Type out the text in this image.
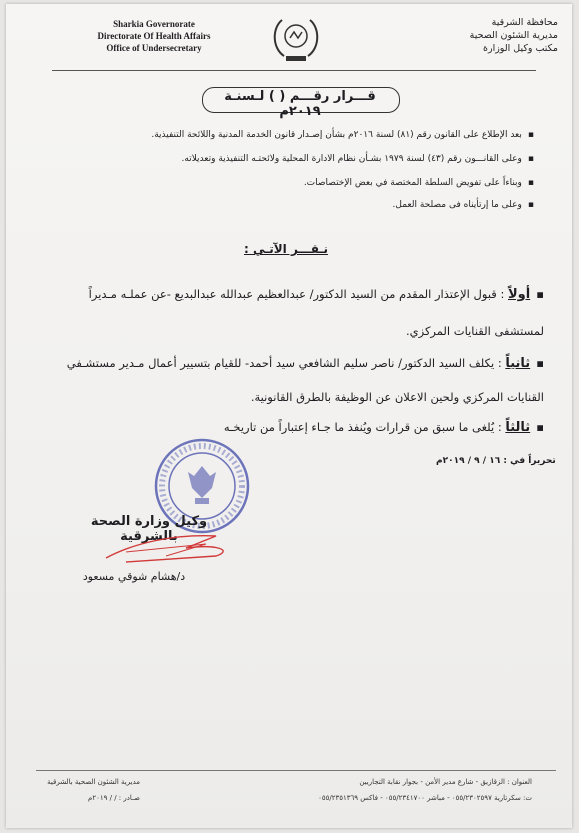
Sharkia Governorate
Directorate Of Health Affairs
Office of Undersecretary
محافظة الشرقية
مديرية الشئون الصحية
مكتب وكيل الوزارة
قـــرار رقـــم ( ) لـسنـة ٢٠١٩م
▪بعد الإطلاع على القانون رقم (٨١) لسنة ٢٠١٦م بشأن إصـدار قانون الخدمة المدنية واللائحة التنفيذية.
▪وعلى القانـــون رقم (٤٣) لسنة ١٩٧٩ بشـأن نظام الادارة المحلية ولائحتـه التنفيذية وتعديلاته.
▪وبناءاً على تفويض السلطة المختصة في بعض الإختصاصات.
▪وعلى ما إرتأيناه فى مصلحة العمل.
نـقـــر الآتـي :
▪أولاً : قبول الإعتذار المقدم من السيد الدكتور/ عبدالعظيم عبدالله عبدالبديع -عن عملـه مـديراً
لمستشفى القنايات المركزي.
▪ثانياً : يكلف السيد الدكتور/ ناصر سليم الشافعي سيد أحمد- للقيام بتسيير أعمال مـدير مستشـفي
القنايات المركزي ولحين الاعلان عن الوظيفة بالطرق القانونية.
▪ثالثاً : يُلغى ما سبق من قرارات ويُنفذ ما جـاء إعتباراً من تاريخـه
تحريراً في : ١٦ / ٩ / ٢٠١٩م
وكيل وزارة الصحة بالشرقية
د/هشام شوقي مسعود
العنوان : الزقازيق - شارع مدير الأمن - بجوار نقابة التجاريين
ت: سكرتارية ٠٥٥/٢٣٠٢٥٩٧ - مباشر ٠٥٥/٢٣٤١٧٠٠ - فاكس ٠٥٥/٢٣٥١٣٦٩
مديرية الشئون الصحية بالشرقية
صـادر : / / ٢٠١٩م
